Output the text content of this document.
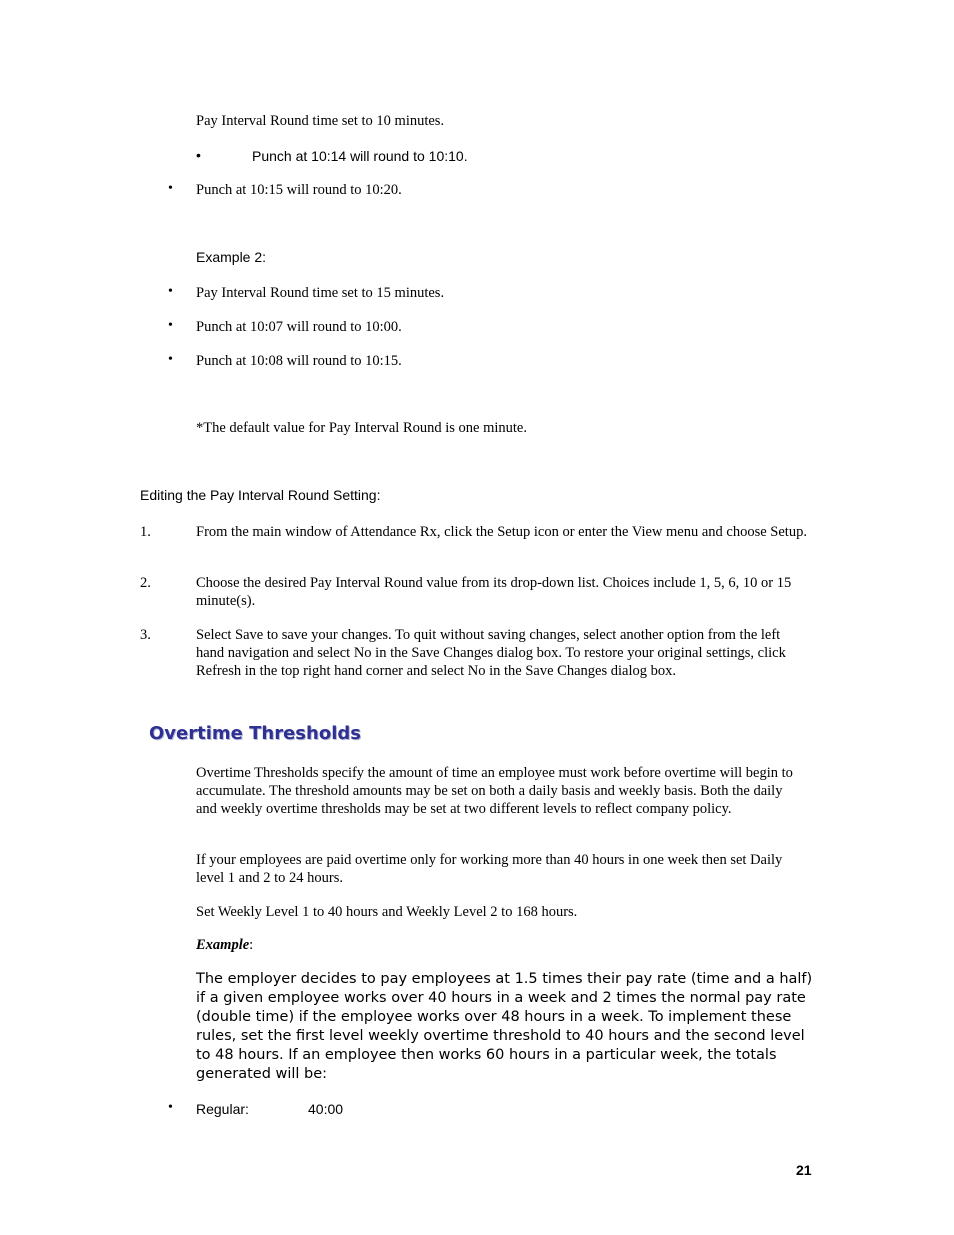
Pay Interval Round time set to 10 minutes.
•	Punch at 10:14 will round to 10:10.
• Punch at 10:15 will round to 10:20.
Example 2:
• Pay Interval Round time set to 15 minutes.
• Punch at 10:07 will round to 10:00.
• Punch at 10:08 will round to 10:15.
*The default value for Pay Interval Round is one minute.
Editing the Pay Interval Round Setting:
1.	From the main window of Attendance Rx, click the Setup icon or enter the View menu and choose Setup.
2.	Choose the desired Pay Interval Round value from its drop-down list. Choices include 1, 5, 6, 10 or 15 minute(s).
3.	Select Save to save your changes. To quit without saving changes, select another option from the left hand navigation and select No in the Save Changes dialog box. To restore your original settings, click Refresh in the top right hand corner and select No in the Save Changes dialog box.
Overtime Thresholds
Overtime Thresholds specify the amount of time an employee must work before overtime will begin to accumulate. The threshold amounts may be set on both a daily basis and weekly basis. Both the daily and weekly overtime thresholds may be set at two different levels to reflect company policy.
If your employees are paid overtime only for working more than 40 hours in one week then set Daily level 1 and 2 to 24 hours.
Set Weekly Level 1 to 40 hours and Weekly Level 2 to 168 hours.
Example:
The employer decides to pay employees at 1.5 times their pay rate (time and a half) if a given employee works over 40 hours in a week and 2 times the normal pay rate (double time) if the employee works over 48 hours in a week. To implement these rules, set the first level weekly overtime threshold to 40 hours and the second level to 48 hours. If an employee then works 60 hours in a particular week, the totals generated will be:
• Regular:	40:00
21
